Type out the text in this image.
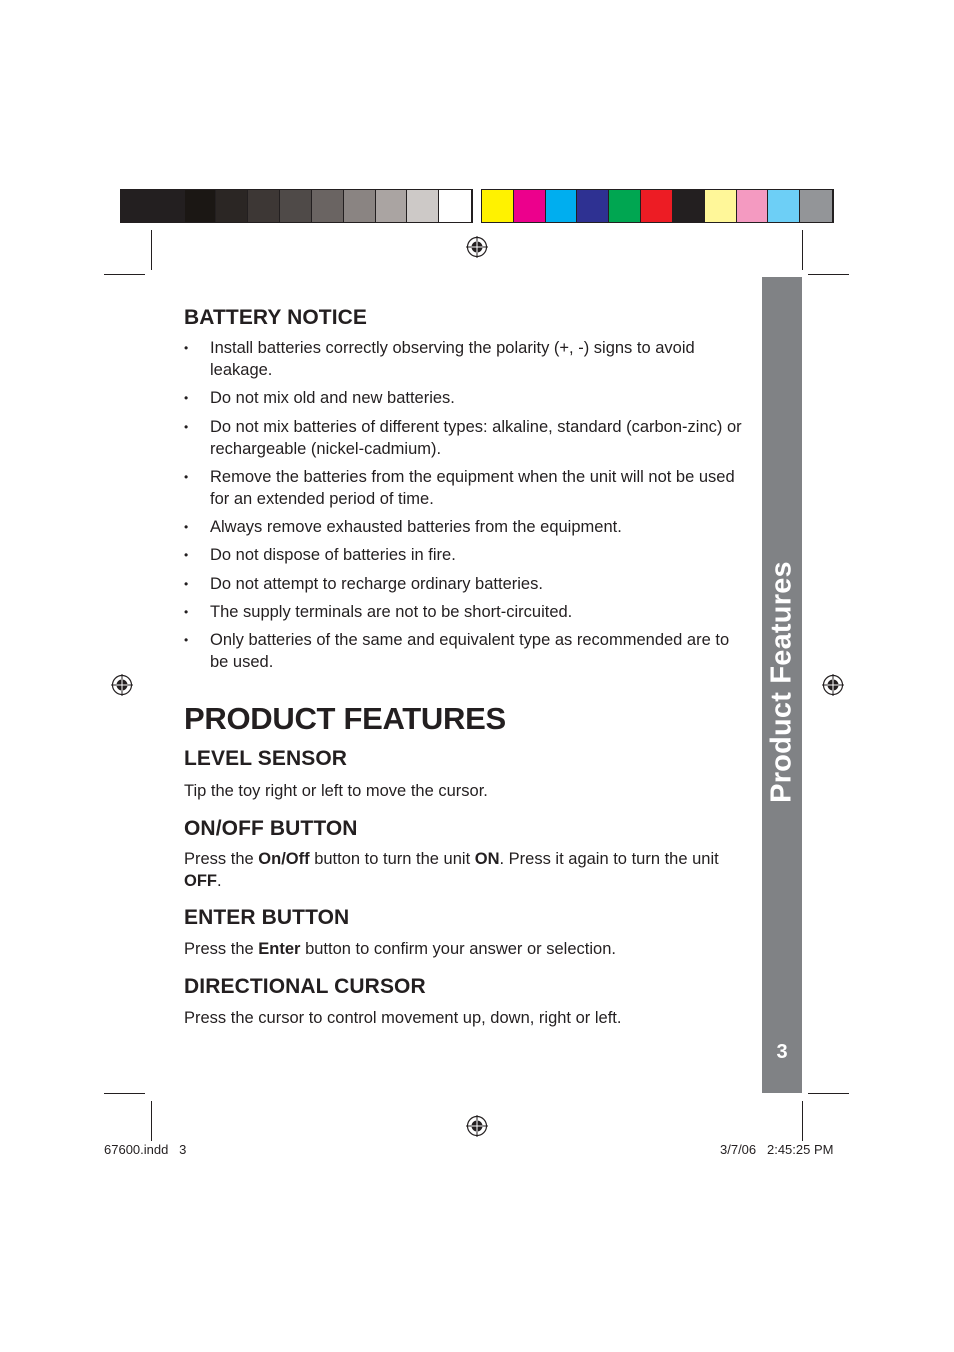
BATTERY NOTICE
• Install batteries correctly observing the polarity (+, -) signs to avoid leakage.
• Do not mix old and new batteries.
• Do not mix batteries of different types: alkaline, standard (carbon-zinc) or rechargeable (nickel-cadmium).
• Remove the batteries from the equipment when the unit will not be used for an extended period of time.
• Always remove exhausted batteries from the equipment.
• Do not dispose of batteries in fire.
• Do not attempt to recharge ordinary batteries.
• The supply terminals are not to be short-circuited.
• Only batteries of the same and equivalent type as recommended are to be used.
PRODUCT FEATURES
LEVEL SENSOR
Tip the toy right or left to move the cursor.
ON/OFF BUTTON
Press the On/Off button to turn the unit ON. Press it again to turn the unit OFF.
ENTER BUTTON
Press the Enter button to confirm your answer or selection.
DIRECTIONAL CURSOR
Press the cursor to control movement up, down, right or left.
Product Features
3
67600.indd   3	3/7/06   2:45:25 PM
